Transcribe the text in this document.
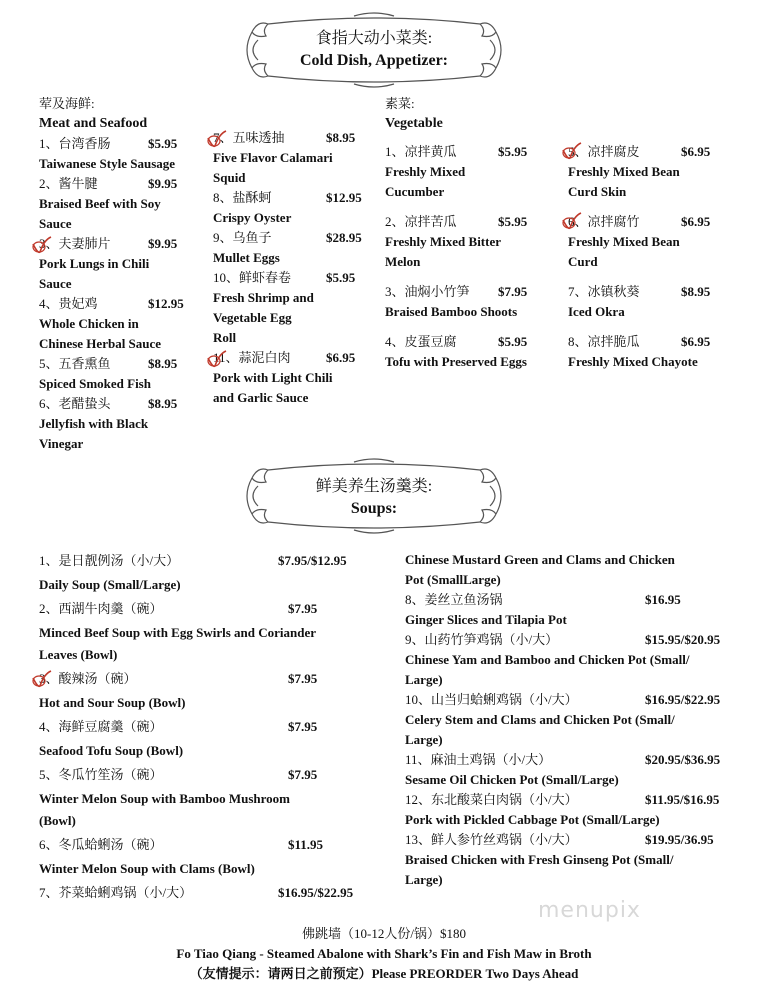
食指大动小菜类:
Cold Dish, Appetizer:
鲜美养生汤羹类:
Soups:
荤及海鲜:
Meat and Seafood
1、台湾香肠	$5.95
Taiwanese Style Sausage
2、酱牛腱	$9.95
Braised Beef with Soy
Sauce
3、夫妻肺片	$9.95
Pork Lungs in Chili
Sauce
4、贵妃鸡	$12.95
Whole Chicken in
Chinese Herbal Sauce
5、五香熏鱼	$8.95
Spiced Smoked Fish
6、老醋蛰头	$8.95
Jellyfish with Black
Vinegar
7、五味透抽	$8.95
Five Flavor Calamari
Squid
8、盐酥蚵	$12.95
Crispy Oyster
9、乌鱼子	$28.95
Mullet Eggs
10、鲜虾春卷	$5.95
Fresh Shrimp and
Vegetable Egg
Roll
11、蒜泥白肉	$6.95
Pork with Light Chili
and Garlic Sauce
素菜:
Vegetable
1、凉拌黄瓜	$5.95
Freshly Mixed
Cucumber
2、凉拌苦瓜	$5.95
Freshly Mixed Bitter
Melon
3、油焖小竹笋 $7.95
Braised Bamboo Shoots
4、皮蛋豆腐	$5.95
Tofu with Preserved Eggs
5、凉拌腐皮	$6.95
Freshly Mixed Bean
Curd Skin
6、凉拌腐竹	$6.95
Freshly Mixed Bean
Curd
7、冰镇秋葵	$8.95
Iced Okra
8、凉拌脆瓜	$6.95
Freshly Mixed Chayote
1、是日靓例汤（小/大）	$7.95/$12.95
Daily Soup (Small/Large)
2、西湖牛肉羹（碗）	$7.95
Minced Beef Soup with Egg Swirls and Coriander
Leaves (Bowl)
3、酸辣汤（碗）	$7.95
Hot and Sour Soup (Bowl)
4、海鲜豆腐羹（碗）	$7.95
Seafood Tofu Soup (Bowl)
5、冬瓜竹笙汤（碗）	$7.95
Winter Melon Soup with Bamboo Mushroom
(Bowl)
6、冬瓜蛤蜊汤（碗）	$11.95
Winter Melon Soup with Clams (Bowl)
7、芥菜蛤蜊鸡锅（小/大）	$16.95/$22.95
Chinese Mustard Green and Clams and Chicken
Pot (SmallLarge)
8、姜丝立鱼汤锅	$16.95
Ginger Slices and Tilapia Pot
9、山药竹笋鸡锅（小/大）	$15.95/$20.95
Chinese Yam and Bamboo and Chicken Pot (Small/
Large)
10、山当归蛤蜊鸡锅（小/大）	$16.95/$22.95
Celery Stem and Clams and Chicken Pot (Small/
Large)
11、麻油土鸡锅（小/大）	$20.95/$36.95
Sesame Oil Chicken Pot (Small/Large)
12、东北酸菜白肉锅（小/大）	$11.95/$16.95
Pork with Pickled Cabbage Pot (Small/Large)
13、鲜人参竹丝鸡锅（小/大）	$19.95/36.95
Braised Chicken with Fresh Ginseng Pot (Small/
Large)
menupix
佛跳墙（10-12人份/锅）$180
Fo Tiao Qiang - Steamed Abalone with Shark’s Fin and Fish Maw in Broth
（友情提示：请两日之前预定）Please PREORDER Two Days Ahead
